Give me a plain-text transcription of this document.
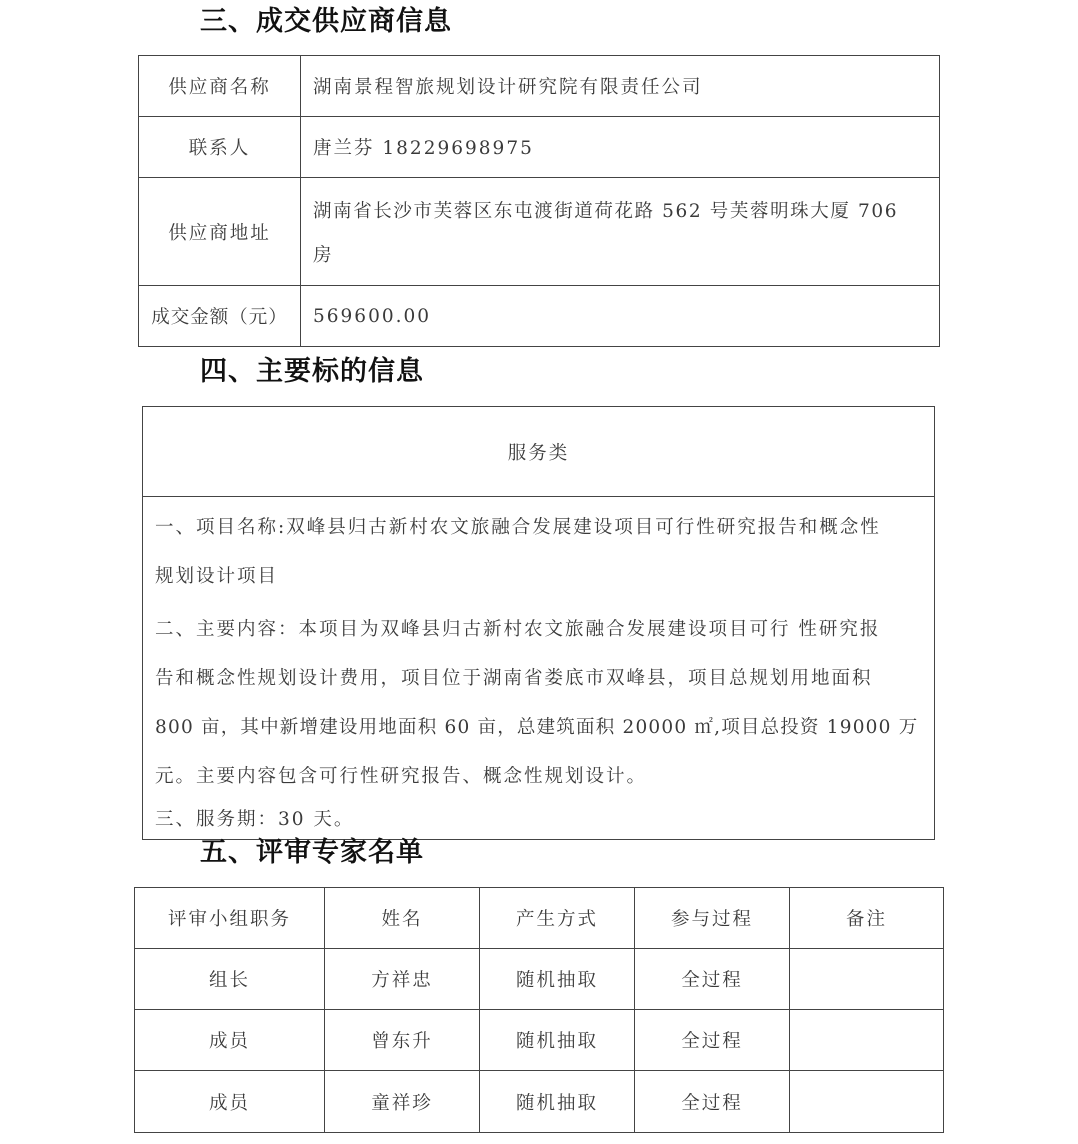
三、成交供应商信息
供应商名称	湖南景程智旅规划设计研究院有限责任公司
联系人	唐兰芬 18229698975
供应商地址	湖南省长沙市芙蓉区东屯渡街道荷花路 562 号芙蓉明珠大厦 706
房

成交金额（元）	569600.00
四、主要标的信息
服务类

一、项目名称:双峰县归古新村农文旅融合发展建设项目可行性研究报告和概念性

规划设计项目

二、主要内容：本项目为双峰县归古新村农文旅融合发展建设项目可行 性研究报

告和概念性规划设计费用，项目位于湖南省娄底市双峰县，项目总规划用地面积

800 亩，其中新增建设用地面积 60 亩，总建筑面积 20000 ㎡,项目总投资 19000 万

元。主要内容包含可行性研究报告、概念性规划设计。

三、服务期：30 天。

五、评审专家名单
评审小组职务	姓名	产生方式	参与过程	备注
组长	方祥忠	随机抽取	全过程	
成员	曾东升	随机抽取	全过程	
成员	童祥珍	随机抽取	全过程	
